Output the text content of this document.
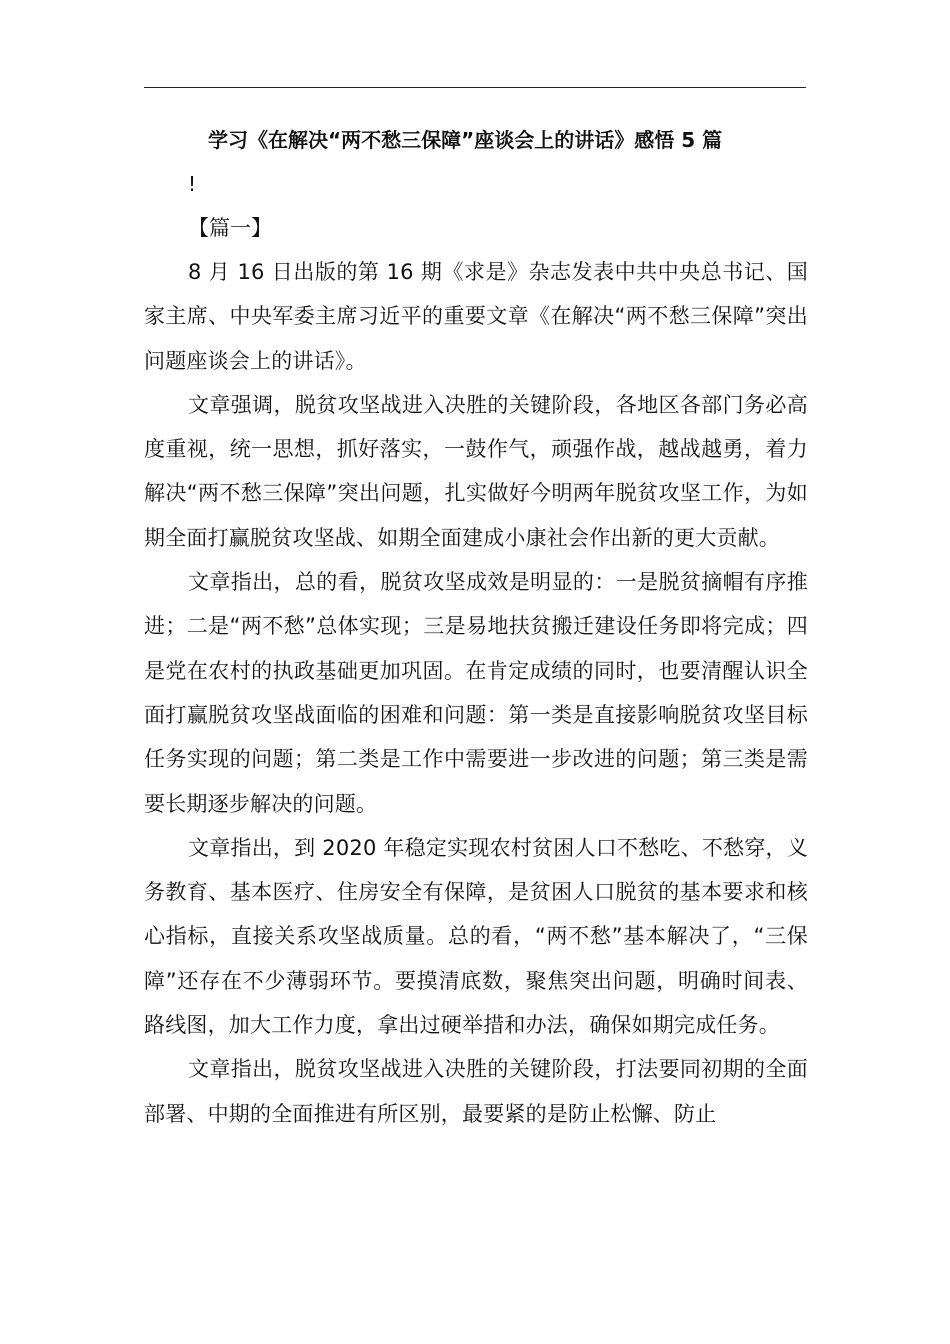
学习《在解决“两不愁三保障”座谈会上的讲话》感悟 5 篇

!

【篇一】

8 月 16 日出版的第 16 期《求是》杂志发表中共中央总书记、国家主席、中央军委主席习近平的重要文章《在解决“两不愁三保障”突出问题座谈会上的讲话》。

文章强调，脱贫攻坚战进入决胜的关键阶段，各地区各部门务必高度重视，统一思想，抓好落实，一鼓作气，顽强作战，越战越勇，着力解决“两不愁三保障”突出问题，扎实做好今明两年脱贫攻坚工作，为如期全面打赢脱贫攻坚战、如期全面建成小康社会作出新的更大贡献。

文章指出，总的看，脱贫攻坚成效是明显的：一是脱贫摘帽有序推进；二是“两不愁”总体实现；三是易地扶贫搬迁建设任务即将完成；四是党在农村的执政基础更加巩固。在肯定成绩的同时，也要清醒认识全面打赢脱贫攻坚战面临的困难和问题：第一类是直接影响脱贫攻坚目标任务实现的问题；第二类是工作中需要进一步改进的问题；第三类是需要长期逐步解决的问题。

文章指出，到 2020 年稳定实现农村贫困人口不愁吃、不愁穿，义务教育、基本医疗、住房安全有保障，是贫困人口脱贫的基本要求和核心指标，直接关系攻坚战质量。总的看，“两不愁”基本解决了，“三保障”还存在不少薄弱环节。要摸清底数，聚焦突出问题，明确时间表、路线图，加大工作力度，拿出过硬举措和办法，确保如期完成任务。

文章指出，脱贫攻坚战进入决胜的关键阶段，打法要同初期的全面部署、中期的全面推进有所区别，最要紧的是防止松懈、防止
